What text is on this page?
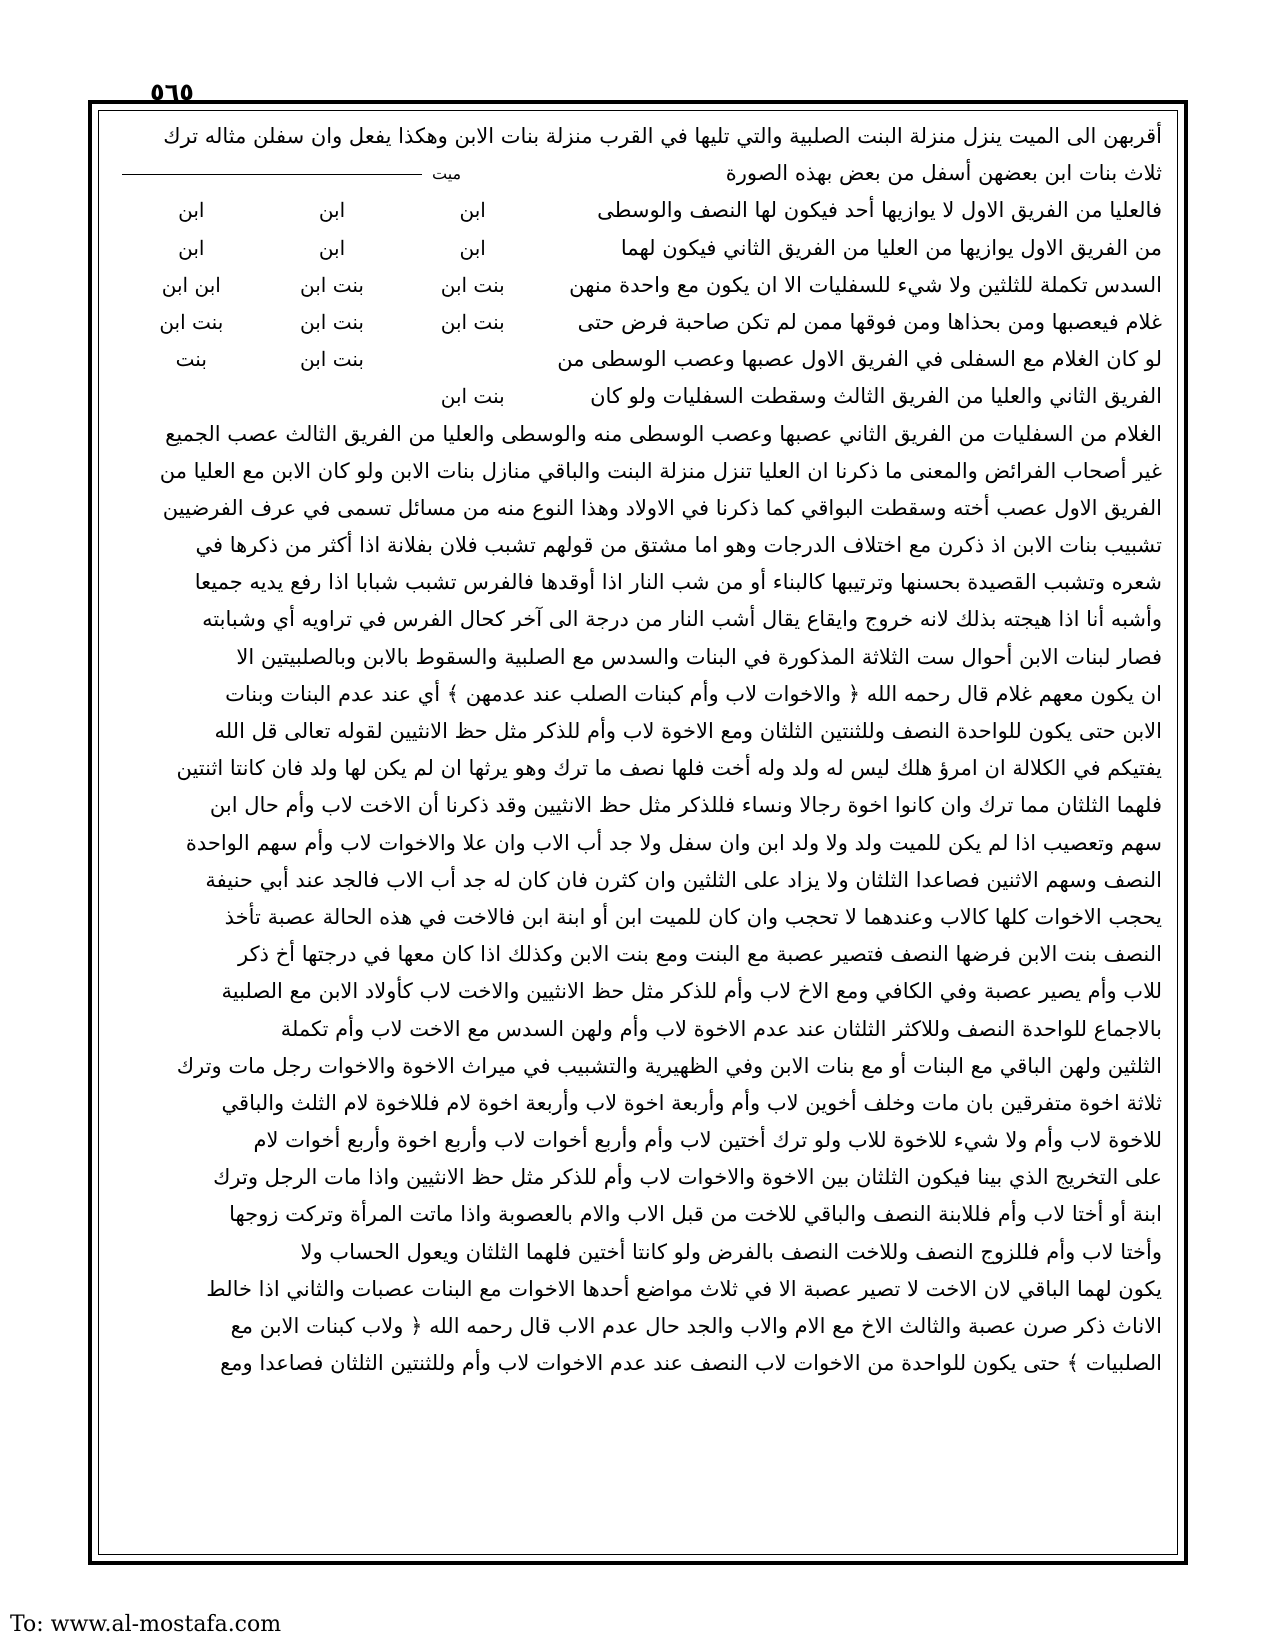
٥٦٥
أقربهن الى الميت ينزل منزلة البنت الصلبية والتي تليها في القرب منزلة بنات الابن وهكذا يفعل وان سفلن مثاله ترك
ثلاث بنات ابن بعضهن أسفل من بعض بهذه الصورة
ميت
فالعليا من الفريق الاول لا يوازيها أحد فيكون لها النصف والوسطى
ابن
ابن
ابن
من الفريق الاول يوازيها من العليا من الفريق الثاني فيكون لهما
ابن
ابن
ابن
السدس تكملة للثلثين ولا شيء للسفليات الا ان يكون مع واحدة منهن
بنت ابن
بنت ابن
ابن ابن
غلام فيعصبها ومن بحذاها ومن فوقها ممن لم تكن صاحبة فرض حتى
بنت ابن
بنت ابن
بنت ابن
لو كان الغلام مع السفلى في الفريق الاول عصبها وعصب الوسطى من
بنت ابن
بنت
الفريق الثاني والعليا من الفريق الثالث وسقطت السفليات ولو كان
بنت ابن
الغلام من السفليات من الفريق الثاني عصبها وعصب الوسطى منه والوسطى والعليا من الفريق الثالث عصب الجميع
غير أصحاب الفرائض والمعنى ما ذكرنا ان العليا تنزل منزلة البنت والباقي منازل بنات الابن ولو كان الابن مع العليا من
الفريق الاول عصب أخته وسقطت البواقي كما ذكرنا في الاولاد وهذا النوع منه من مسائل تسمى في عرف الفرضيين
تشبيب بنات الابن اذ ذكرن مع اختلاف الدرجات وهو اما مشتق من قولهم تشبب فلان بفلانة اذا أكثر من ذكرها في
شعره وتشبب القصيدة بحسنها وترتيبها كالبناء أو من شب النار اذا أوقدها فالفرس تشبب شبابا اذا رفع يديه جميعا
وأشبه أنا اذا هيجته بذلك لانه خروج وايقاع يقال أشب النار من درجة الى آخر كحال الفرس في تراويه أي وشبابته
فصار لبنات الابن أحوال ست الثلاثة المذكورة في البنات والسدس مع الصلبية والسقوط بالابن وبالصلبيتين الا
ان يكون معهم غلام قال رحمه الله ﴿ والاخوات لاب وأم كبنات الصلب عند عدمهن ﴾ أي عند عدم البنات وبنات
الابن حتى يكون للواحدة النصف وللثنتين الثلثان ومع الاخوة لاب وأم للذكر مثل حظ الانثيين لقوله تعالى قل الله
يفتيكم في الكلالة ان امرؤ هلك ليس له ولد وله أخت فلها نصف ما ترك وهو يرثها ان لم يكن لها ولد فان كانتا اثنتين
فلهما الثلثان مما ترك وان كانوا اخوة رجالا ونساء فللذكر مثل حظ الانثيين وقد ذكرنا أن الاخت لاب وأم حال ابن
سهم وتعصيب اذا لم يكن للميت ولد ولا ولد ابن وان سفل ولا جد أب الاب وان علا والاخوات لاب وأم سهم الواحدة
النصف وسهم الاثنين فصاعدا الثلثان ولا يزاد على الثلثين وان كثرن فان كان له جد أب الاب فالجد عند أبي حنيفة
يحجب الاخوات كلها كالاب وعندهما لا تحجب وان كان للميت ابن أو ابنة ابن فالاخت في هذه الحالة عصبة تأخذ
النصف بنت الابن فرضها النصف فتصير عصبة مع البنت ومع بنت الابن وكذلك اذا كان معها في درجتها أخ ذكر
للاب وأم يصير عصبة وفي الكافي ومع الاخ لاب وأم للذكر مثل حظ الانثيين والاخت لاب كأولاد الابن مع الصلبية
بالاجماع للواحدة النصف وللاكثر الثلثان عند عدم الاخوة لاب وأم ولهن السدس مع الاخت لاب وأم تكملة
الثلثين ولهن الباقي مع البنات أو مع بنات الابن وفي الظهيرية والتشبيب في ميراث الاخوة والاخوات رجل مات وترك
ثلاثة اخوة متفرقين بان مات وخلف أخوين لاب وأم وأربعة اخوة لاب وأربعة اخوة لام فللاخوة لام الثلث والباقي
للاخوة لاب وأم ولا شيء للاخوة للاب ولو ترك أختين لاب وأم وأربع أخوات لاب وأربع اخوة وأربع أخوات لام
على التخريج الذي بينا فيكون الثلثان بين الاخوة والاخوات لاب وأم للذكر مثل حظ الانثيين واذا مات الرجل وترك
ابنة أو أختا لاب وأم فللابنة النصف والباقي للاخت من قبل الاب والام بالعصوبة واذا ماتت المرأة وتركت زوجها
وأختا لاب وأم فللزوج النصف وللاخت النصف بالفرض ولو كانتا أختين فلهما الثلثان ويعول الحساب ولا
يكون لهما الباقي لان الاخت لا تصير عصبة الا في ثلاث مواضع أحدها الاخوات مع البنات عصبات والثاني اذا خالط
الاناث ذكر صرن عصبة والثالث الاخ مع الام والاب والجد حال عدم الاب قال رحمه الله ﴿ ولاب كبنات الابن مع
الصلبيات ﴾ حتى يكون للواحدة من الاخوات لاب النصف عند عدم الاخوات لاب وأم وللثنتين الثلثان فصاعدا ومع
To: www.al-mostafa.com
